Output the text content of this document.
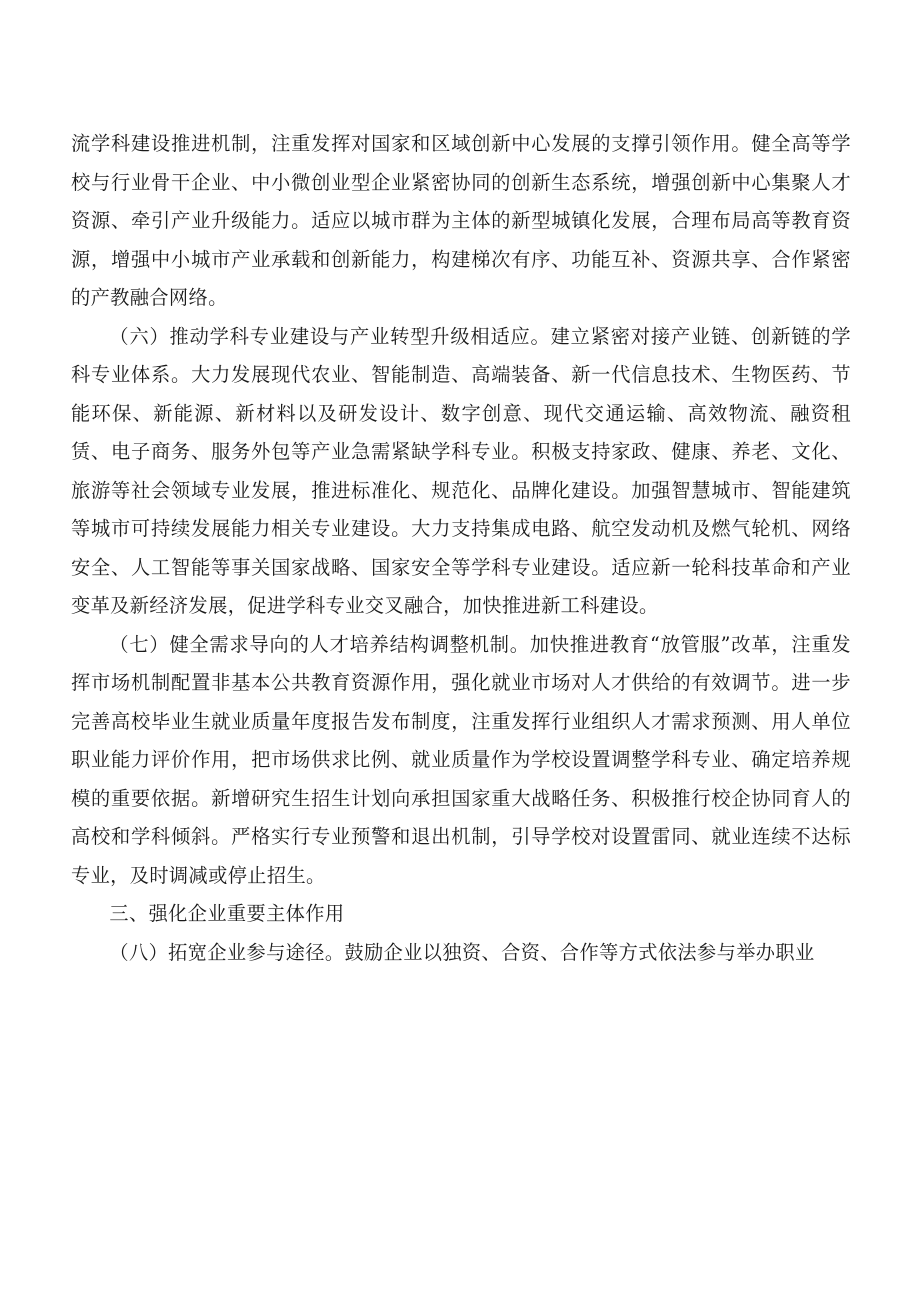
流学科建设推进机制，注重发挥对国家和区域创新中心发展的支撑引领作用。健全高等学校与行业骨干企业、中小微创业型企业紧密协同的创新生态系统，增强创新中心集聚人才资源、牵引产业升级能力。适应以城市群为主体的新型城镇化发展，合理布局高等教育资源，增强中小城市产业承载和创新能力，构建梯次有序、功能互补、资源共享、合作紧密的产教融合网络。

（六）推动学科专业建设与产业转型升级相适应。建立紧密对接产业链、创新链的学科专业体系。大力发展现代农业、智能制造、高端装备、新一代信息技术、生物医药、节能环保、新能源、新材料以及研发设计、数字创意、现代交通运输、高效物流、融资租赁、电子商务、服务外包等产业急需紧缺学科专业。积极支持家政、健康、养老、文化、旅游等社会领域专业发展，推进标准化、规范化、品牌化建设。加强智慧城市、智能建筑等城市可持续发展能力相关专业建设。大力支持集成电路、航空发动机及燃气轮机、网络安全、人工智能等事关国家战略、国家安全等学科专业建设。适应新一轮科技革命和产业变革及新经济发展，促进学科专业交叉融合，加快推进新工科建设。

（七）健全需求导向的人才培养结构调整机制。加快推进教育“放管服”改革，注重发挥市场机制配置非基本公共教育资源作用，强化就业市场对人才供给的有效调节。进一步完善高校毕业生就业质量年度报告发布制度，注重发挥行业组织人才需求预测、用人单位职业能力评价作用，把市场供求比例、就业质量作为学校设置调整学科专业、确定培养规模的重要依据。新增研究生招生计划向承担国家重大战略任务、积极推行校企协同育人的高校和学科倾斜。严格实行专业预警和退出机制，引导学校对设置雷同、就业连续不达标专业，及时调减或停止招生。

三、强化企业重要主体作用

（八）拓宽企业参与途径。鼓励企业以独资、合资、合作等方式依法参与举办职业
